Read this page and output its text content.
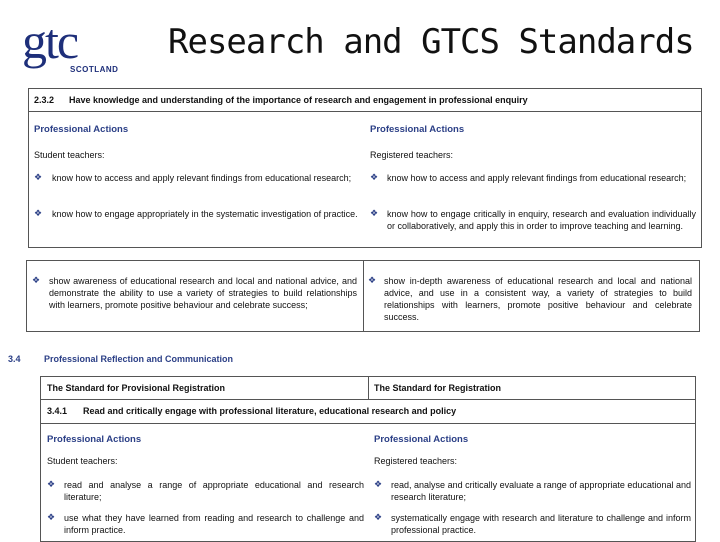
gtc
SCOTLAND
Research and GTCS Standards
2.3.2 Have knowledge and understanding of the importance of research and engagement in professional enquiry
Professional Actions
Student teachers:
❖ know how to access and apply relevant findings from educational research;
❖ know how to engage appropriately in the systematic investigation of practice.
Professional Actions
Registered teachers:
❖ know how to access and apply relevant findings from educational research;
❖ know how to engage critically in enquiry, research and evaluation individually or collaboratively, and apply this in order to improve teaching and learning.
❖ show awareness of educational research and local and national advice, and demonstrate the ability to use a variety of strategies to build relationships with learners, promote positive behaviour and celebrate success;
❖ show in-depth awareness of educational research and local and national advice, and use in a consistent way, a variety of strategies to build relationships with learners, promote positive behaviour and celebrate success.
3.4	Professional Reflection and Communication
The Standard for Provisional Registration	The Standard for Registration
3.4.1 Read and critically engage with professional literature, educational research and policy
Professional Actions
Student teachers:
❖ read and analyse a range of appropriate educational and research literature;
❖ use what they have learned from reading and research to challenge and inform practice.
Professional Actions
Registered teachers:
❖ read, analyse and critically evaluate a range of appropriate educational and research literature;
❖ systematically engage with research and literature to challenge and inform professional practice.
